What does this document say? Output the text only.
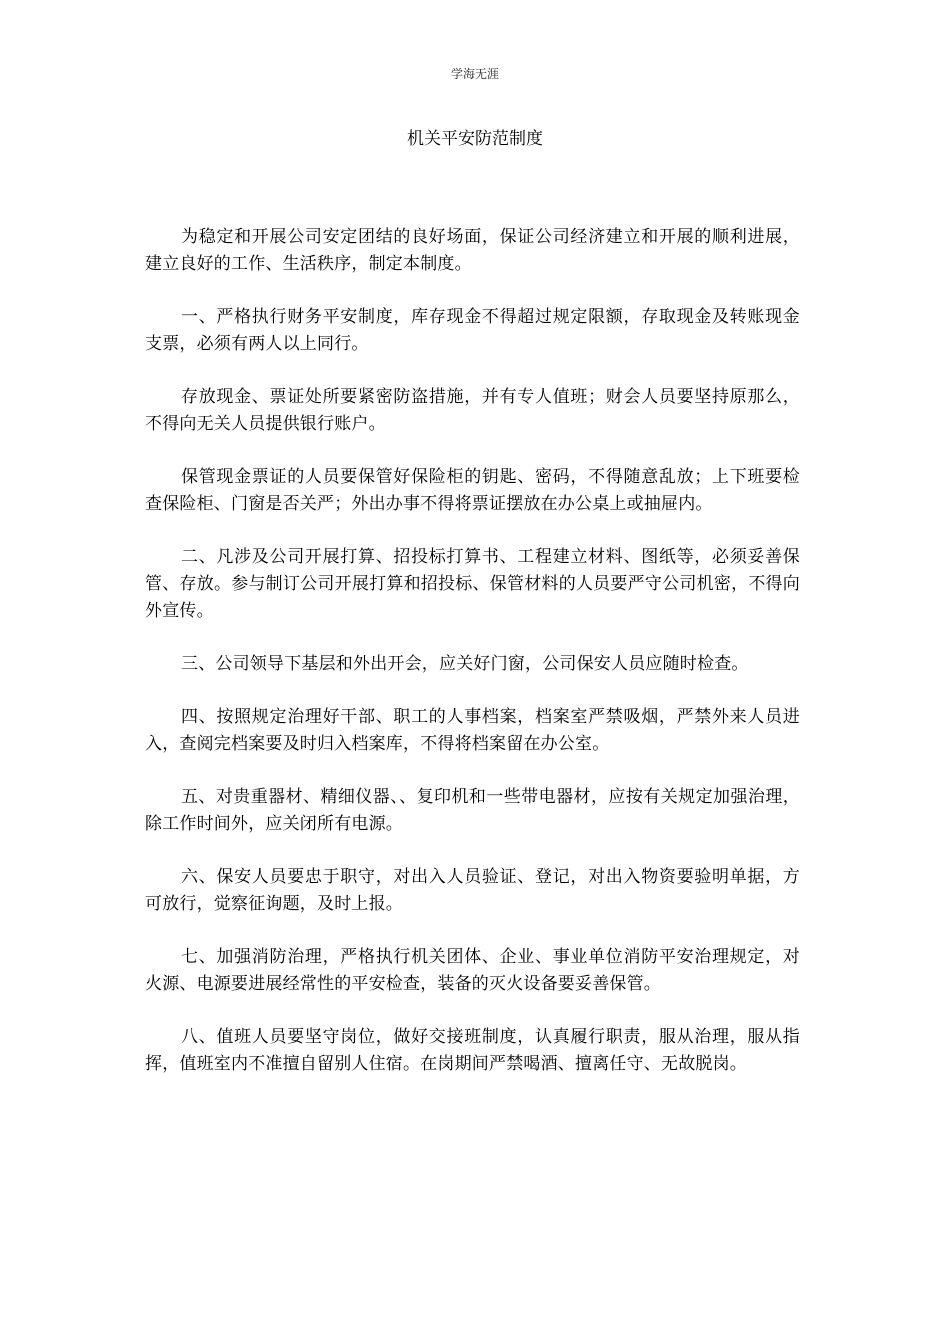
学海无涯
机关平安防范制度

为稳定和开展公司安定团结的良好场面，保证公司经济建立和开展的顺利进展，建立良好的工作、生活秩序，制定本制度。

一、严格执行财务平安制度，库存现金不得超过规定限额，存取现金及转账现金支票，必须有两人以上同行。

存放现金、票证处所要紧密防盗措施，并有专人值班；财会人员要坚持原那么，不得向无关人员提供银行账户。

保管现金票证的人员要保管好保险柜的钥匙、密码，不得随意乱放；上下班要检查保险柜、门窗是否关严；外出办事不得将票证摆放在办公桌上或抽屉内。

二、凡涉及公司开展打算、招投标打算书、工程建立材料、图纸等，必须妥善保管、存放。参与制订公司开展打算和招投标、保管材料的人员要严守公司机密，不得向外宣传。

三、公司领导下基层和外出开会，应关好门窗，公司保安人员应随时检查。

四、按照规定治理好干部、职工的人事档案，档案室严禁吸烟，严禁外来人员进入，查阅完档案要及时归入档案库，不得将档案留在办公室。

五、对贵重器材、精细仪器、、复印机和一些带电器材，应按有关规定加强治理，除工作时间外，应关闭所有电源。

六、保安人员要忠于职守，对出入人员验证、登记，对出入物资要验明单据，方可放行，觉察征询题，及时上报。

七、加强消防治理，严格执行机关团体、企业、事业单位消防平安治理规定，对火源、电源要进展经常性的平安检查，装备的灭火设备要妥善保管。

八、值班人员要坚守岗位，做好交接班制度，认真履行职责，服从治理，服从指挥，值班室内不准擅自留别人住宿。在岗期间严禁喝酒、擅离任守、无故脱岗。
